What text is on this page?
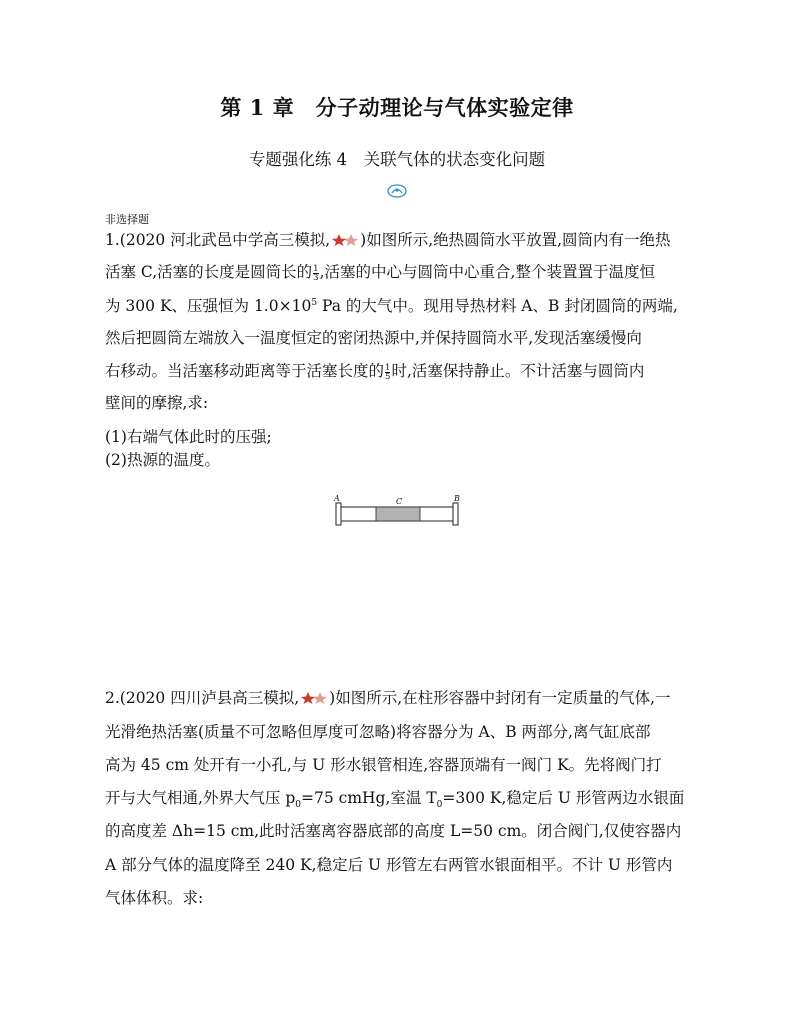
第 1 章　分子动理论与气体实验定律
专题强化练 4　关联气体的状态变化问题
非选择题
1.(2020 河北武邑中学高三模拟, )如图所示,绝热圆筒水平放置,圆筒内有一绝热
活塞 C,活塞的长度是圆筒长的 $\frac{1}{3}$ ,活塞的中心与圆筒中心重合,整个装置置于温度恒
为 300 K、压强恒为 $1.0\times 10^5$ Pa 的大气中。现用导热材料 A、B 封闭圆筒的两端,
然后把圆筒左端放入一温度恒定的密闭热源中,并保持圆筒水平,发现活塞缓慢向
右移动。当活塞移动距离等于活塞长度的 $\frac{1}{5}$ 时,活塞保持静止。不计活塞与圆筒内
壁间的摩擦,求:
(1)右端气体此时的压强;
(2)热源的温度。
A	C	B
2.(2020 四川泸县高三模拟, )如图所示,在柱形容器中封闭有一定质量的气体,一
光滑绝热活塞(质量不可忽略但厚度可忽略)将容器分为 A、B 两部分,离气缸底部
高为 45 cm 处开有一小孔,与 U 形水银管相连,容器顶端有一阀门 K。先将阀门打
开与大气相通,外界大气压 $p_0=75$ cmHg,室温 $T_0=300$ K,稳定后 U 形管两边水银面
的高度差 Δh=15 cm,此时活塞离容器底部的高度 L=50 cm。闭合阀门,仅使容器内
A 部分气体的温度降至 240 K,稳定后 U 形管左右两管水银面相平。不计 U 形管内
气体体积。求:
